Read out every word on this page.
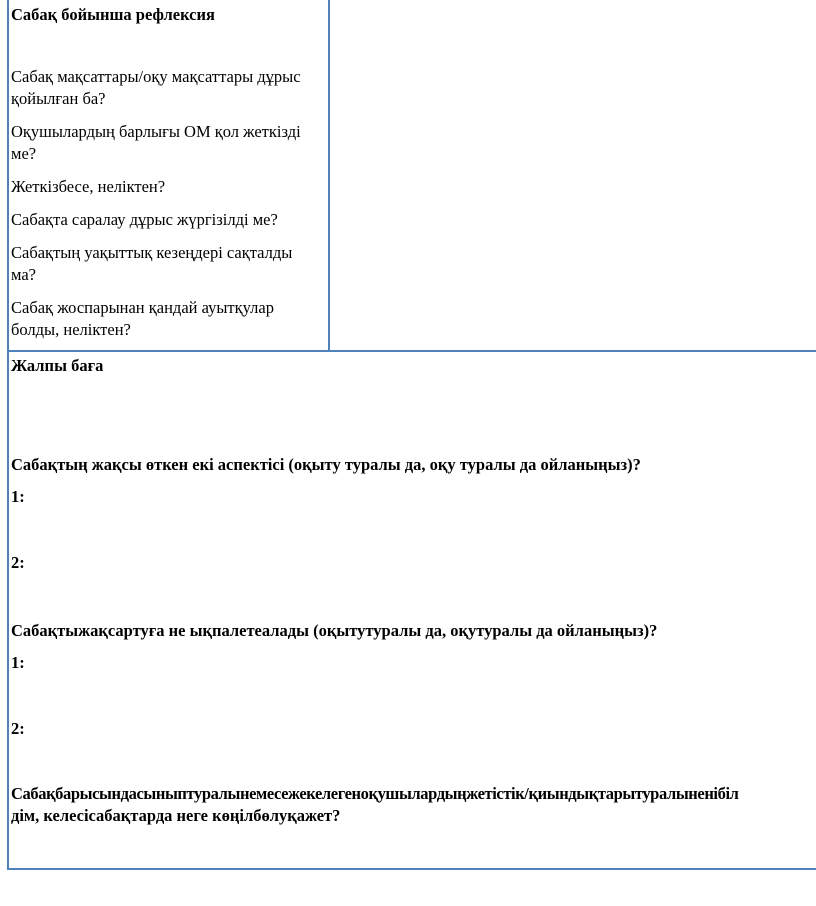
Сабақ бойынша рефлексия
Сабақ мақсаттары/оқу мақсаттары дұрыс
қойылған ба?
Оқушылардың барлығы ОМ қол жеткізді
ме?
Жеткізбесе, неліктен?
Сабақта саралау дұрыс жүргізілді ме?
Сабақтың уақыттық кезеңдері сақталды
ма?
Сабақ жоспарынан қандай ауытқулар
болды, неліктен?
Жалпы баға
Сабақтың жақсы өткен екі аспектісі (оқыту туралы да, оқу туралы да ойланыңыз)?
1:
2:
Сабақтыжақсартуға не ықпалетеалады (оқытутуралы да, оқутуралы да ойланыңыз)?
1:
2:
Сабақбарысындасыныптуралынемесежекелегеноқушылардыңжетістік/қиындықтарытуралыненібіл
дім, келесісабақтарда неге көңілбөлуқажет?
